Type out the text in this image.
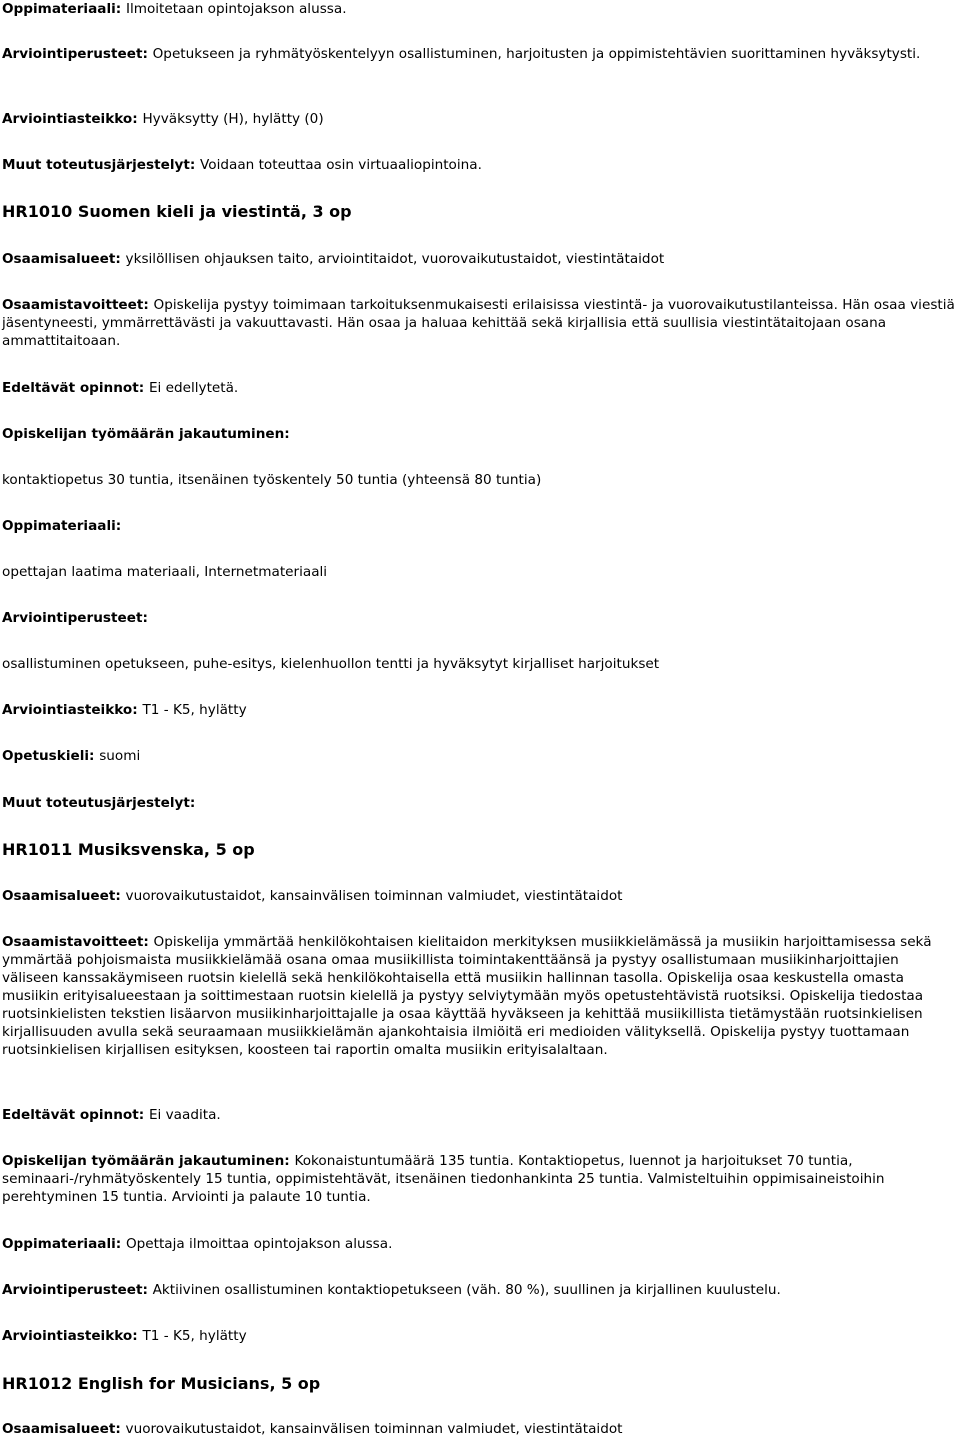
Oppimateriaali: Ilmoitetaan opintojakson alussa.

Arviointiperusteet: Opetukseen ja ryhmätyöskentelyyn osallistuminen, harjoitusten ja oppimistehtävien suorittaminen hyväksytysti.

Arviointiasteikko: Hyväksytty (H), hylätty (0)

Muut toteutusjärjestelyt: Voidaan toteuttaa osin virtuaaliopintoina.

HR1010 Suomen kieli ja viestintä, 3 op

Osaamisalueet: yksilöllisen ohjauksen taito, arviointitaidot, vuorovaikutustaidot, viestintätaidot

Osaamistavoitteet: Opiskelija pystyy toimimaan tarkoituksenmukaisesti erilaisissa viestintä- ja vuorovaikutustilanteissa. Hän osaa viestiä jäsentyneesti, ymmärrettävästi ja vakuuttavasti. Hän osaa ja haluaa kehittää sekä kirjallisia että suullisia viestintätaitojaan osana ammattitaitoaan.

Edeltävät opinnot: Ei edellytetä.

Opiskelijan työmäärän jakautuminen:

kontaktiopetus 30 tuntia, itsenäinen työskentely 50 tuntia (yhteensä 80 tuntia)

Oppimateriaali:

opettajan laatima materiaali, Internetmateriaali

Arviointiperusteet:

osallistuminen opetukseen, puhe-esitys, kielenhuollon tentti ja hyväksytyt kirjalliset harjoitukset

Arviointiasteikko: T1 - K5, hylätty

Opetuskieli: suomi

Muut toteutusjärjestelyt:

HR1011 Musiksvenska, 5 op

Osaamisalueet: vuorovaikutustaidot, kansainvälisen toiminnan valmiudet, viestintätaidot

Osaamistavoitteet: Opiskelija ymmärtää henkilökohtaisen kielitaidon merkityksen musiikkielämässä ja musiikin harjoittamisessa sekä ymmärtää pohjoismaista musiikkielämää osana omaa musiikillista toimintakenttäänsä ja pystyy osallistumaan musiikinharjoittajien väliseen kanssakäymiseen ruotsin kielellä sekä henkilökohtaisella että musiikin hallinnan tasolla. Opiskelija osaa keskustella omasta musiikin erityisalueestaan ja soittimestaan ruotsin kielellä ja pystyy selviytymään myös opetustehtävistä ruotsiksi. Opiskelija tiedostaa ruotsinkielisten tekstien lisäarvon musiikinharjoittajalle ja osaa käyttää hyväkseen ja kehittää musiikillista tietämystään ruotsinkielisen kirjallisuuden avulla sekä seuraamaan musiikkielämän ajankohtaisia ilmiöitä eri medioiden välityksellä. Opiskelija pystyy tuottamaan ruotsinkielisen kirjallisen esityksen, koosteen tai raportin omalta musiikin erityisalaltaan.

Edeltävät opinnot: Ei vaadita.

Opiskelijan työmäärän jakautuminen: Kokonaistuntumäärä 135 tuntia. Kontaktiopetus, luennot ja harjoitukset 70 tuntia, seminaari-/ryhmätyöskentely 15 tuntia, oppimistehtävät, itsenäinen tiedonhankinta 25 tuntia. Valmisteltuihin oppimisaineistoihin perehtyminen 15 tuntia. Arviointi ja palaute 10 tuntia.

Oppimateriaali: Opettaja ilmoittaa opintojakson alussa.

Arviointiperusteet: Aktiivinen osallistuminen kontaktiopetukseen (väh. 80 %), suullinen ja kirjallinen kuulustelu.

Arviointiasteikko: T1 - K5, hylätty

HR1012 English for Musicians, 5 op

Osaamisalueet: vuorovaikutustaidot, kansainvälisen toiminnan valmiudet, viestintätaidot
